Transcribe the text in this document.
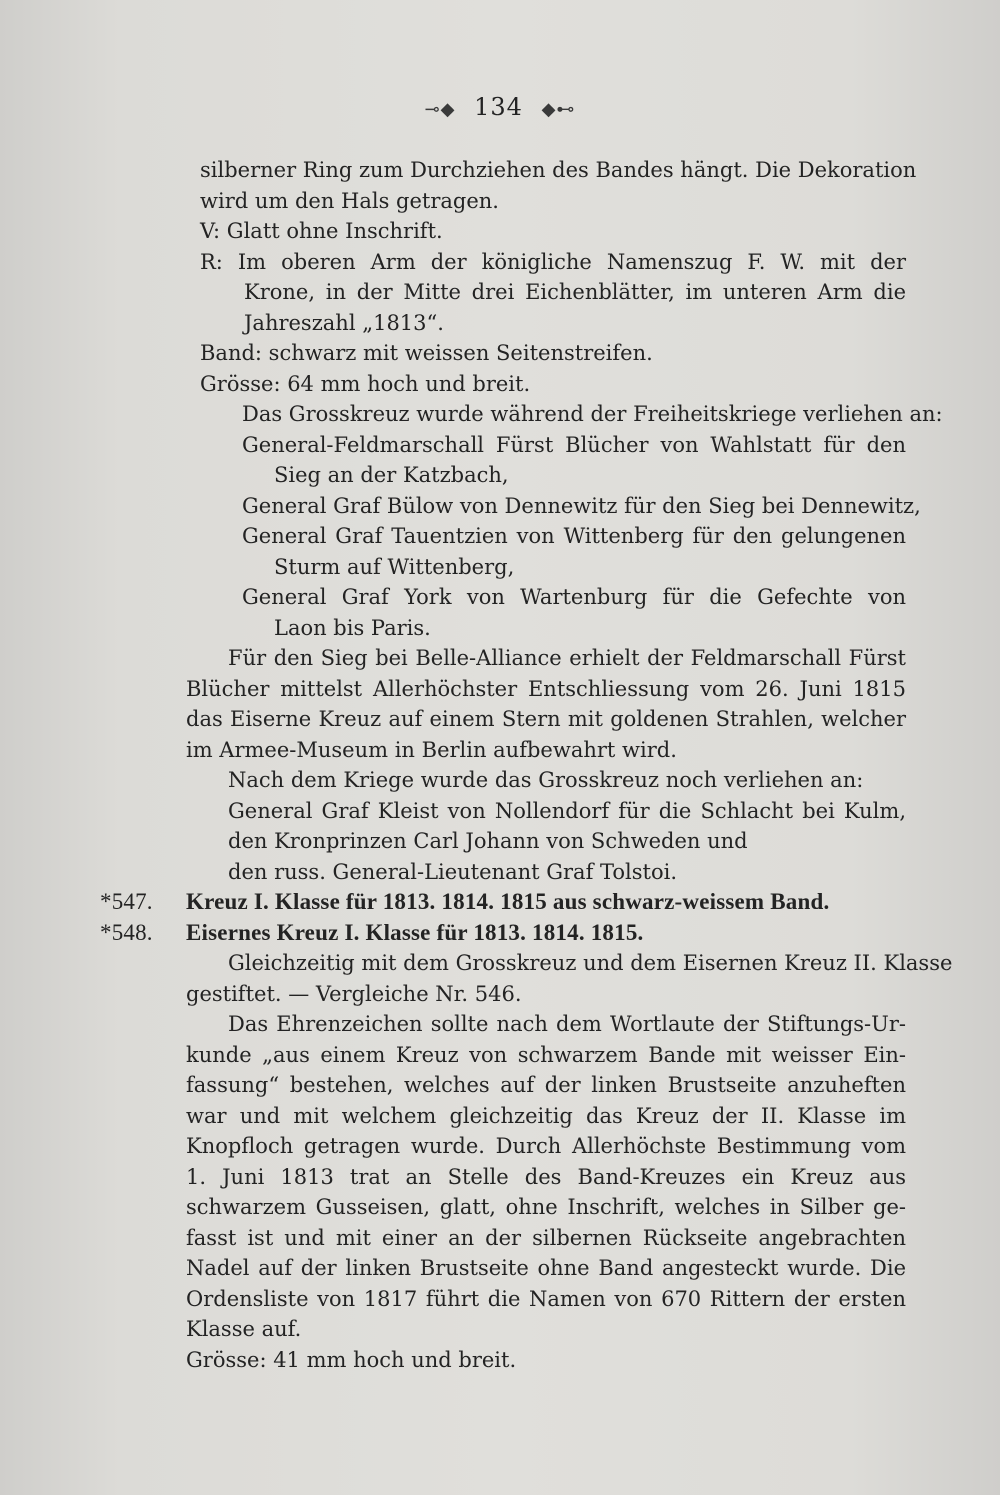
⊸◆ 134 ◆⊷
silberner Ring zum Durchziehen des Bandes hängt. Die Dekoration
wird um den Hals getragen.
V: Glatt ohne Inschrift.
R: Im oberen Arm der königliche Namenszug F. W. mit der
Krone, in der Mitte drei Eichenblätter, im unteren Arm die
Jahreszahl „1813“.
Band: schwarz mit weissen Seitenstreifen.
Grösse: 64 mm hoch und breit.
Das Grosskreuz wurde während der Freiheitskriege verliehen an:
General-Feldmarschall Fürst Blücher von Wahlstatt für den
Sieg an der Katzbach,
General Graf Bülow von Dennewitz für den Sieg bei Dennewitz,
General Graf Tauentzien von Wittenberg für den gelungenen
Sturm auf Wittenberg,
General Graf York von Wartenburg für die Gefechte von
Laon bis Paris.
Für den Sieg bei Belle-Alliance erhielt der Feldmarschall Fürst
Blücher mittelst Allerhöchster Entschliessung vom 26. Juni 1815
das Eiserne Kreuz auf einem Stern mit goldenen Strahlen, welcher
im Armee-Museum in Berlin aufbewahrt wird.
Nach dem Kriege wurde das Grosskreuz noch verliehen an:
General Graf Kleist von Nollendorf für die Schlacht bei Kulm,
den Kronprinzen Carl Johann von Schweden und
den russ. General-Lieutenant Graf Tolstoi.
*547. Kreuz I. Klasse für 1813. 1814. 1815 aus schwarz-weissem Band.
*548. Eisernes Kreuz I. Klasse für 1813. 1814. 1815.
Gleichzeitig mit dem Grosskreuz und dem Eisernen Kreuz II. Klasse
gestiftet. — Vergleiche Nr. 546.
Das Ehrenzeichen sollte nach dem Wortlaute der Stiftungs-Ur-
kunde „aus einem Kreuz von schwarzem Bande mit weisser Ein-
fassung“ bestehen, welches auf der linken Brustseite anzuheften
war und mit welchem gleichzeitig das Kreuz der II. Klasse im
Knopfloch getragen wurde. Durch Allerhöchste Bestimmung vom
1. Juni 1813 trat an Stelle des Band-Kreuzes ein Kreuz aus
schwarzem Gusseisen, glatt, ohne Inschrift, welches in Silber ge-
fasst ist und mit einer an der silbernen Rückseite angebrachten
Nadel auf der linken Brustseite ohne Band angesteckt wurde. Die
Ordensliste von 1817 führt die Namen von 670 Rittern der ersten
Klasse auf.
Grösse: 41 mm hoch und breit.
